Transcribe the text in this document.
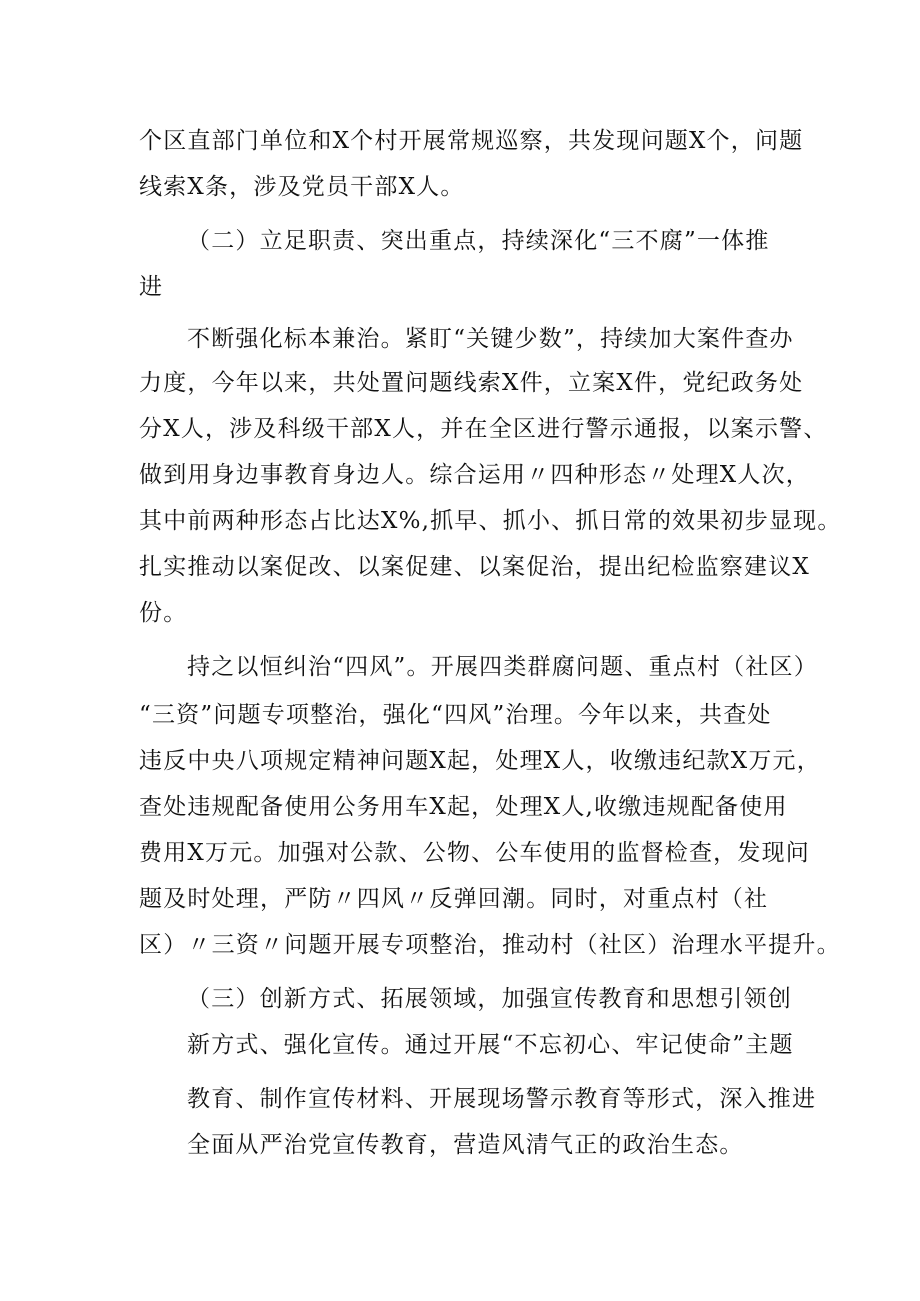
个区直部门单位和X个村开展常规巡察，共发现问题X个，问题
线索X条，涉及党员干部X人。
（二）立足职责、突出重点，持续深化“三不腐”一体推
进
不断强化标本兼治。紧盯“关键少数”，持续加大案件查办
力度，今年以来，共处置问题线索X件，立案X件，党纪政务处
分X人，涉及科级干部X人，并在全区进行警示通报，以案示警、
做到用身边事教育身边人。综合运用〃四种形态〃处理X人次，
其中前两种形态占比达X%,抓早、抓小、抓日常的效果初步显现。
扎实推动以案促改、以案促建、以案促治，提出纪检监察建议X
份。
持之以恒纠治“四风”。开展四类群腐问题、重点村（社区）
“三资”问题专项整治，强化“四风”治理。今年以来，共查处
违反中央八项规定精神问题X起，处理X人，收缴违纪款X万元，
查处违规配备使用公务用车X起，处理X人,收缴违规配备使用
费用X万元。加强对公款、公物、公车使用的监督检查，发现问
题及时处理，严防〃四风〃反弹回潮。同时，对重点村（社
区）〃三资〃问题开展专项整治，推动村（社区）治理水平提升。
（三）创新方式、拓展领域，加强宣传教育和思想引领创
新方式、强化宣传。通过开展“不忘初心、牢记使命”主题
教育、制作宣传材料、开展现场警示教育等形式，深入推进
全面从严治党宣传教育，营造风清气正的政治生态。
